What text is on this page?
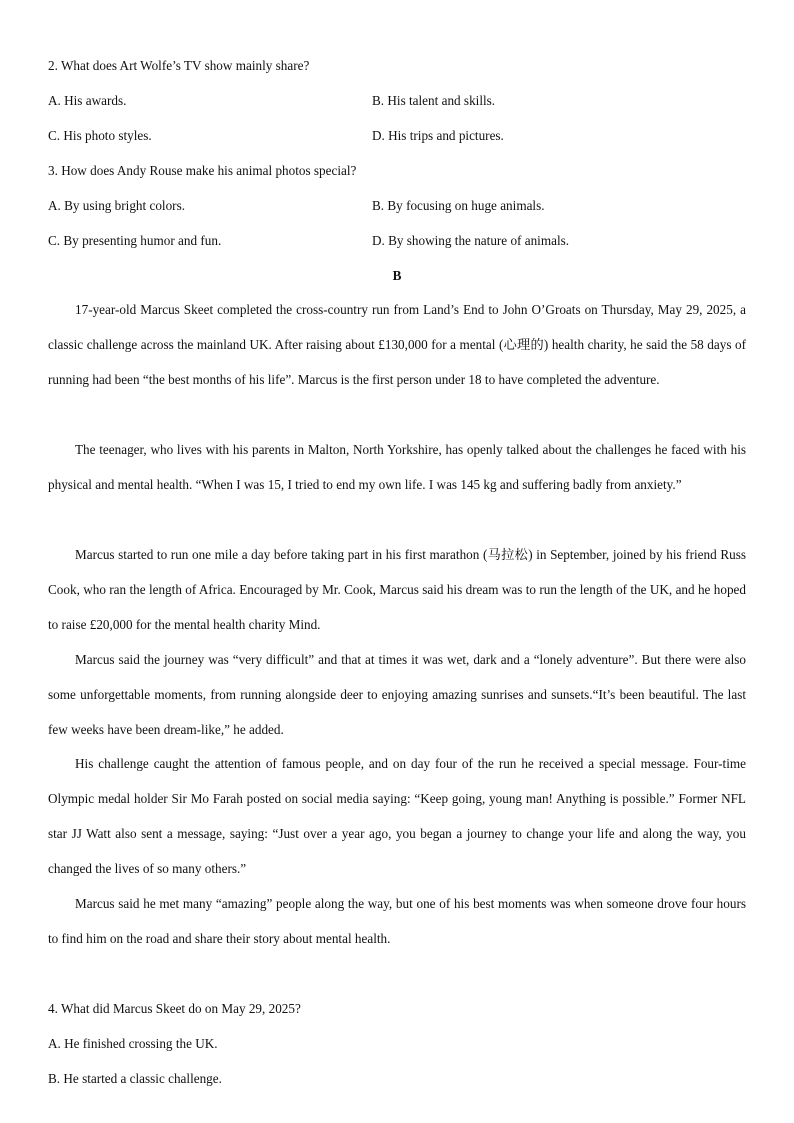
2. What does Art Wolfe’s TV show mainly share?
A. His awards.	B. His talent and skills.
C. His photo styles.	D. His trips and pictures.
3. How does Andy Rouse make his animal photos special?
A. By using bright colors.	B. By focusing on huge animals.
C. By presenting humor and fun.	D. By showing the nature of animals.
B

17-year-old Marcus Skeet completed the cross-country run from Land’s End to John O’Groats on Thursday, May 29, 2025, a classic challenge across the mainland UK. After raising about £130,000 for a mental (心理的) health charity, he said the 58 days of running had been “the best months of his life”. Marcus is the first person under 18 to have completed the adventure.

The teenager, who lives with his parents in Malton, North Yorkshire, has openly talked about the challenges he faced with his physical and mental health. “When I was 15, I tried to end my own life. I was 145 kg and suffering badly from anxiety.”

Marcus started to run one mile a day before taking part in his first marathon (马拉松) in September, joined by his friend Russ Cook, who ran the length of Africa. Encouraged by Mr. Cook, Marcus said his dream was to run the length of the UK, and he hoped to raise £20,000 for the mental health charity Mind.

Marcus said the journey was “very difficult” and that at times it was wet, dark and a “lonely adventure”. But there were also some unforgettable moments, from running alongside deer to enjoying amazing sunrises and sunsets.“It’s been beautiful. The last few weeks have been dream-like,” he added.

His challenge caught the attention of famous people, and on day four of the run he received a special message. Four-time Olympic medal holder Sir Mo Farah posted on social media saying: “Keep going, young man! Anything is possible.” Former NFL star JJ Watt also sent a message, saying: “Just over a year ago, you began a journey to change your life and along the way, you changed the lives of so many others.”

Marcus said he met many “amazing” people along the way, but one of his best moments was when someone drove four hours to find him on the road and share their story about mental health.

4. What did Marcus Skeet do on May 29, 2025?
A. He finished crossing the UK.
B. He started a classic challenge.
